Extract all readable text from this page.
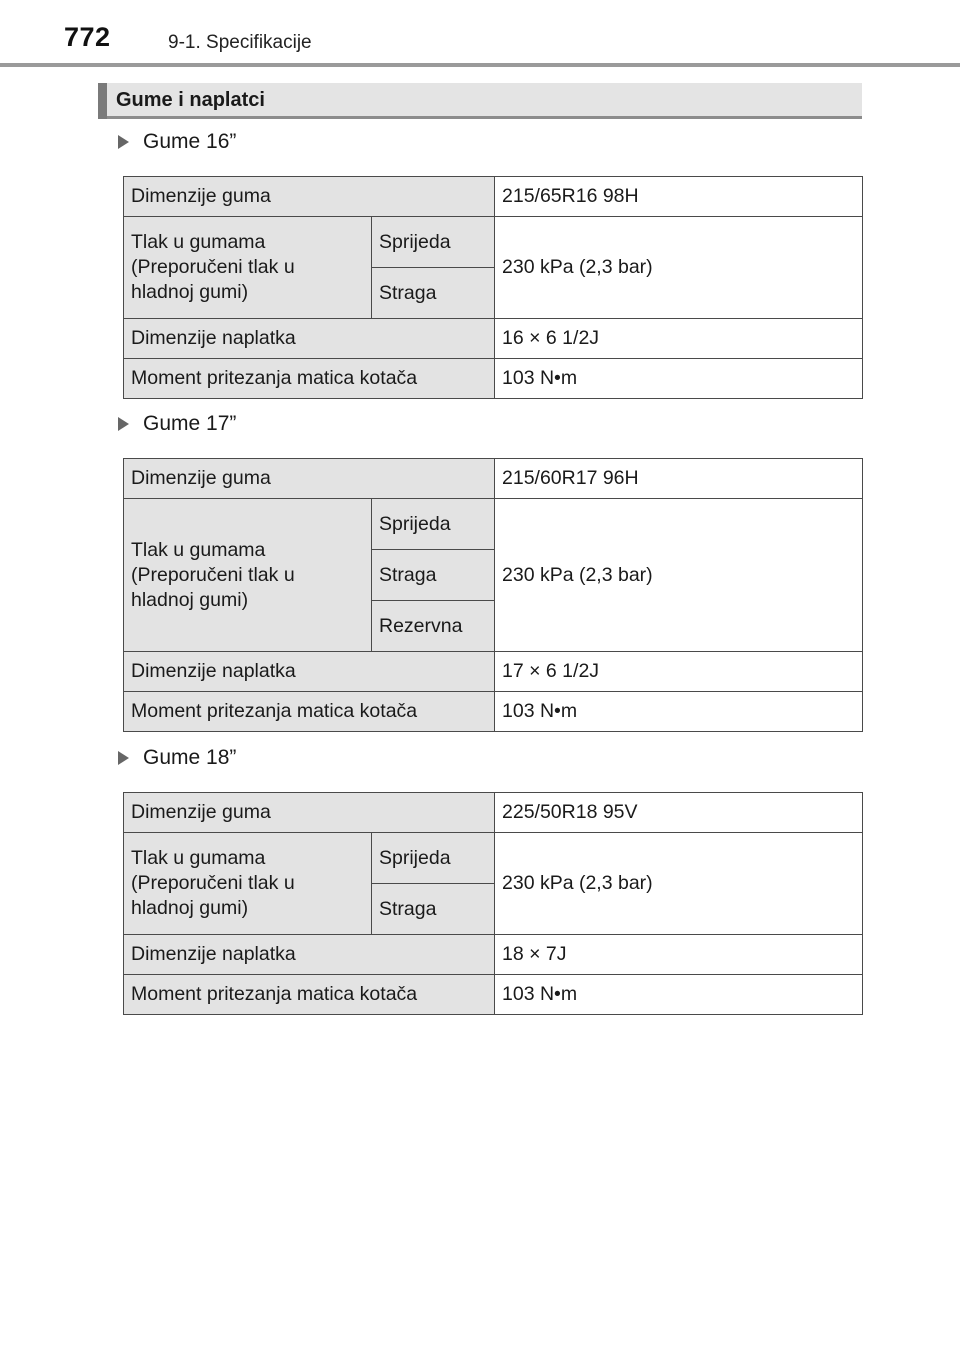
772	9-1. Specifikacije
Gume i naplatci
Gume 16”
Dimenzije guma		215/65R16 98H

Tlak u gumama
(Preporučeni tlak u
hladnoj gumi)	Sprijeda	230 kPa (2,3 bar)
	Straga	
Dimenzije naplatka		16 × 6 1/2J
Moment pritezanja matica kotača		103 N•m
Gume 17”
Dimenzije guma		215/60R17 96H

Tlak u gumama
(Preporučeni tlak u
hladnoj gumi)	Sprijeda	230 kPa (2,3 bar)
	Straga	
	Rezervna	
Dimenzije naplatka		17 × 6 1/2J
Moment pritezanja matica kotača		103 N•m
Gume 18”
Dimenzije guma		225/50R18 95V

Tlak u gumama
(Preporučeni tlak u
hladnoj gumi)	Sprijeda	230 kPa (2,3 bar)
	Straga	
Dimenzije naplatka		18 × 7J
Moment pritezanja matica kotača		103 N•m
